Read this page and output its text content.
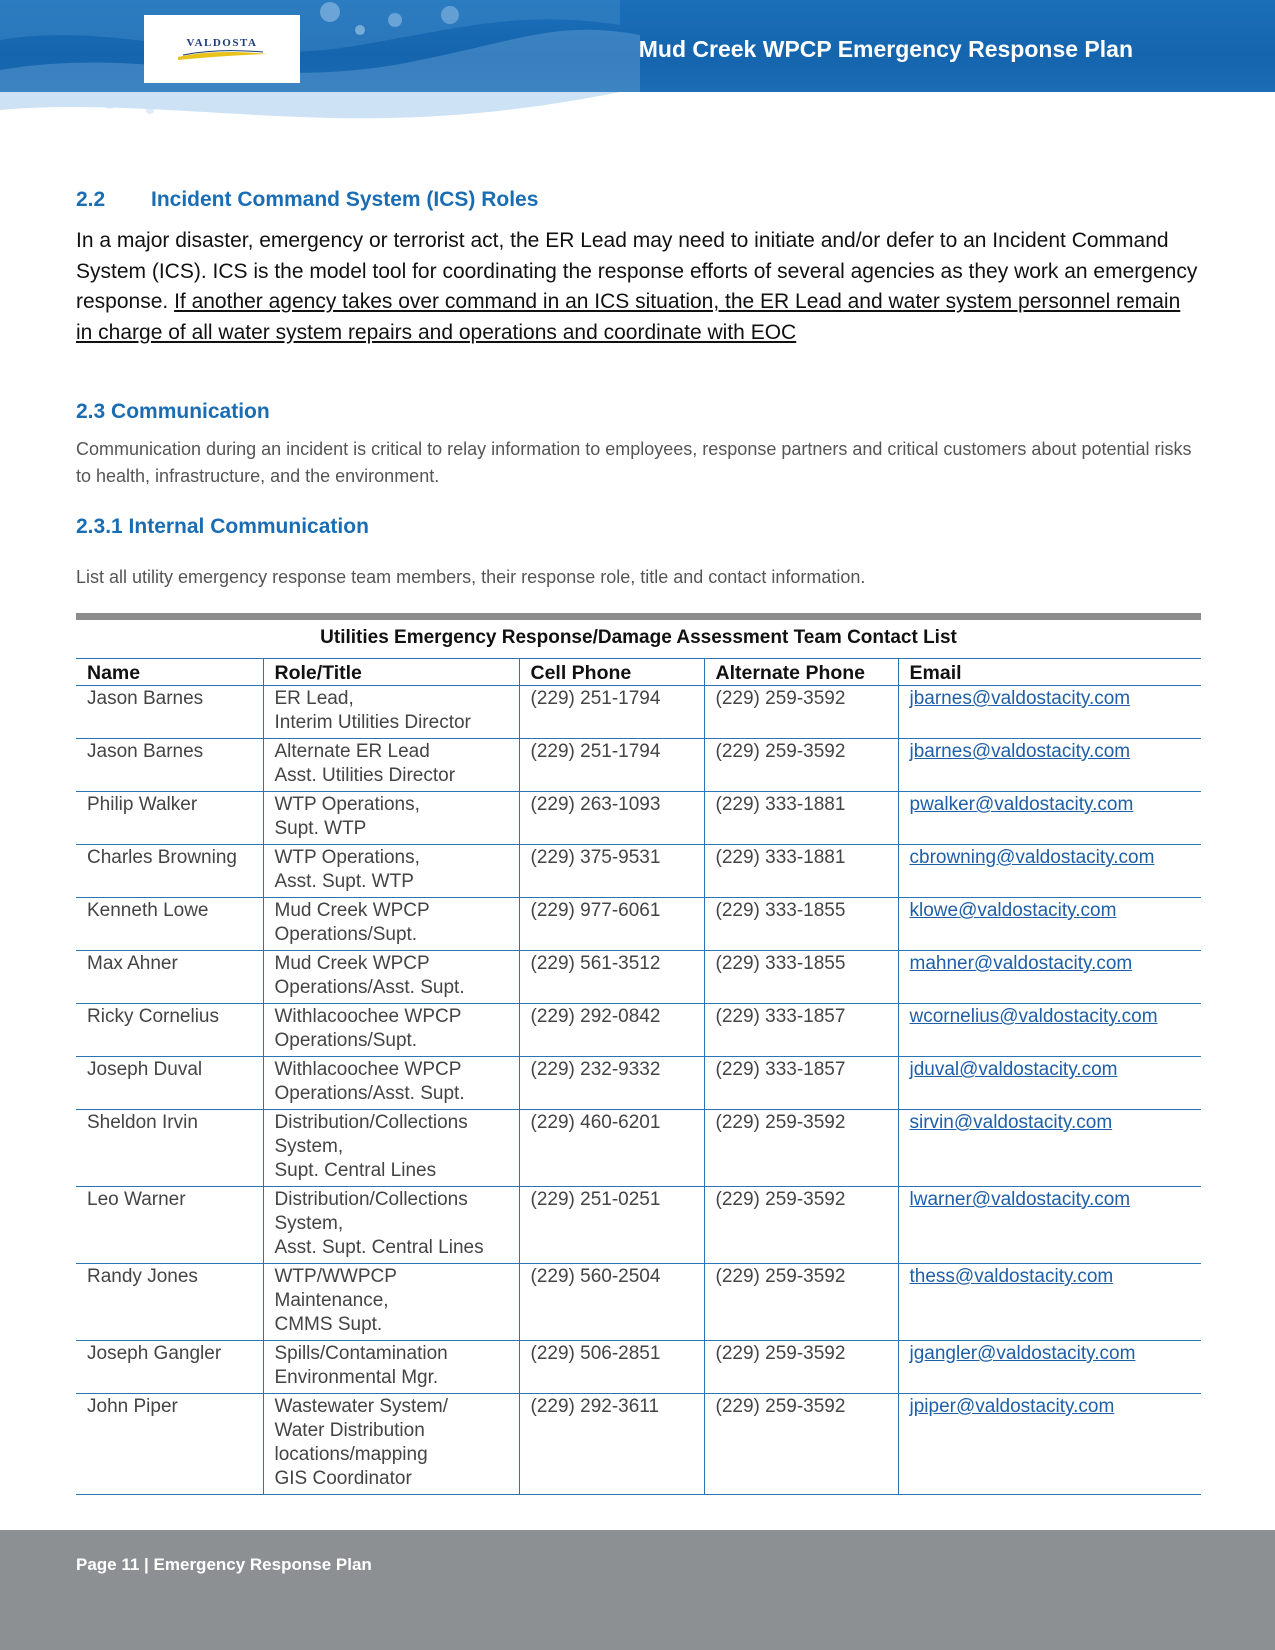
VALDOSTA	Mud Creek WPCP Emergency Response Plan
2.2 Incident Command System (ICS) Roles
In a major disaster, emergency or terrorist act, the ER Lead may need to initiate and/or defer to an Incident Command System (ICS). ICS is the model tool for coordinating the response efforts of several agencies as they work an emergency response. If another agency takes over command in an ICS situation, the ER Lead and water system personnel remain in charge of all water system repairs and operations and coordinate with EOC
2.3 Communication
Communication during an incident is critical to relay information to employees, response partners and critical customers about potential risks to health, infrastructure, and the environment.
2.3.1 Internal Communication
List all utility emergency response team members, their response role, title and contact information.
Utilities Emergency Response/Damage Assessment Team Contact List
Name	Role/Title	Cell Phone	Alternate Phone	Email
Jason Barnes	ER Lead,
Interim Utilities Director	(229) 251-1794	(229) 259-3592	jbarnes@valdostacity.com
Jason Barnes	Alternate ER Lead
Asst. Utilities Director	(229) 251-1794	(229) 259-3592	jbarnes@valdostacity.com
Philip Walker	WTP Operations,
Supt. WTP	(229) 263-1093	(229) 333-1881	pwalker@valdostacity.com
Charles Browning	WTP Operations,
Asst. Supt. WTP	(229) 375-9531	(229) 333-1881	cbrowning@valdostacity.com
Kenneth Lowe	Mud Creek WPCP
Operations/Supt.	(229) 977-6061	(229) 333-1855	klowe@valdostacity.com
Max Ahner	Mud Creek WPCP
Operations/Asst. Supt.	(229) 561-3512	(229) 333-1855	mahner@valdostacity.com
Ricky Cornelius	Withlacoochee WPCP
Operations/Supt.	(229) 292-0842	(229) 333-1857	wcornelius@valdostacity.com
Joseph Duval	Withlacoochee WPCP
Operations/Asst. Supt.	(229) 232-9332	(229) 333-1857	jduval@valdostacity.com
Sheldon Irvin	Distribution/Collections
System,
Supt. Central Lines	(229) 460-6201	(229) 259-3592	sirvin@valdostacity.com
Leo Warner	Distribution/Collections
System,
Asst. Supt. Central Lines	(229) 251-0251	(229) 259-3592	lwarner@valdostacity.com
Randy Jones	WTP/WWPCP
Maintenance,
CMMS Supt.	(229) 560-2504	(229) 259-3592	thess@valdostacity.com
Joseph Gangler	Spills/Contamination
Environmental Mgr.	(229) 506-2851	(229) 259-3592	jgangler@valdostacity.com
John Piper	Wastewater System/
Water Distribution
locations/mapping
GIS Coordinator	(229) 292-3611	(229) 259-3592	jpiper@valdostacity.com
Page 11 | Emergency Response Plan
